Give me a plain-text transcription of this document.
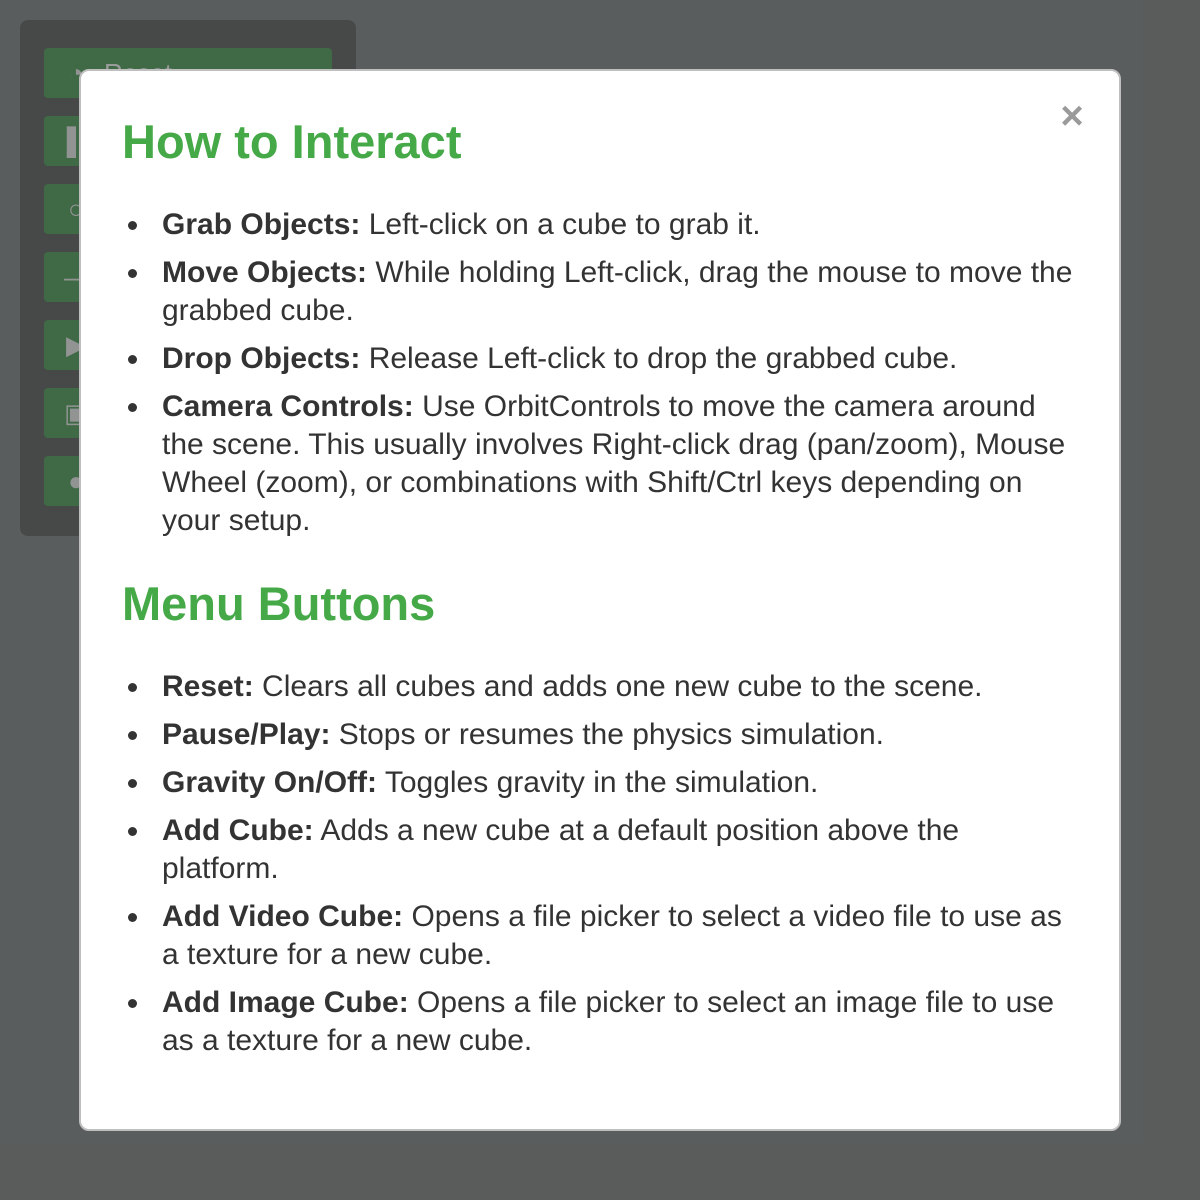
×
How to Interact
Grab Objects: Left-click on a cube to grab it.
Move Objects: While holding Left-click, drag the mouse to move the grabbed cube.
Drop Objects: Release Left-click to drop the grabbed cube.
Camera Controls: Use OrbitControls to move the camera around the scene. This usually involves Right-click drag (pan/zoom), Mouse Wheel (zoom), or combinations with Shift/Ctrl keys depending on your setup.
Menu Buttons
Reset: Clears all cubes and adds one new cube to the scene.
Pause/Play: Stops or resumes the physics simulation.
Gravity On/Off: Toggles gravity in the simulation.
Add Cube: Adds a new cube at a default position above the platform.
Add Video Cube: Opens a file picker to select a video file to use as a texture for a new cube.
Add Image Cube: Opens a file picker to select an image file to use as a texture for a new cube.
